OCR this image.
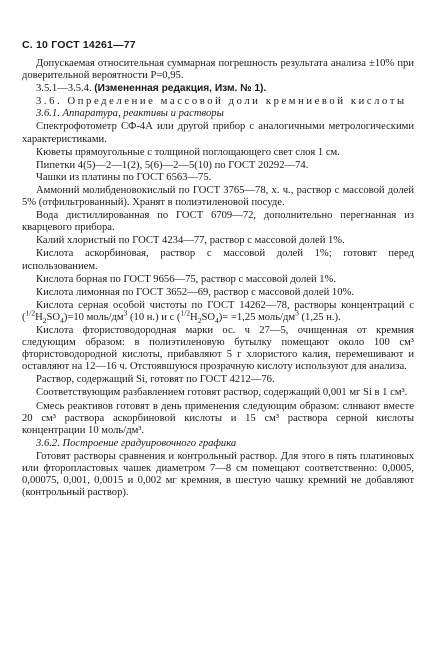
С. 10 ГОСТ 14261—77

Допускаемая относительная суммарная погрешность результата анализа ±10% при доверительной вероятности P=0,95.

3.5.1—3.5.4. (Измененная редакция, Изм. № 1).

3.6. Определение массовой доли кремниевой кислоты

3.6.1. Аппаратура, реактивы и растворы

Спектрофотометр СФ-4А или другой прибор с аналогичными метрологическими характеристиками.

Кюветы прямоугольные с толщиной поглощающего свет слоя 1 см.

Пипетки 4(5)—2—1(2), 5(6)—2—5(10) по ГОСТ 20292—74.

Чашки из платины по ГОСТ 6563—75.

Аммоний молибденовокислый по ГОСТ 3765—78, х. ч., раствор с массовой долей 5% (отфильтрованный). Хранят в полиэтиленовой посуде.

Вода дистиллированная по ГОСТ 6709—72, дополнительно перегнанная из кварцевого прибора.

Калий хлористый по ГОСТ 4234—77, раствор с массовой долей 1%.

Кислота аскорбиновая, раствор с массовой долей 1%; готовят перед использованием.

Кислота борная по ГОСТ 9656—75, раствор с массовой долей 1%.

Кислота лимонная по ГОСТ 3652—69, раствор с массовой долей 10%.

Кислота серная особой чистоты по ГОСТ 14262—78, растворы концентраций с $(^{1/2}H_2SO_4)=10$ моль/$дм^3$ (10 н.) и с $(^{1/2}H_2SO_4)= =1,25$ моль/$дм^3$ (1,25 н.).

Кислота фтористоводородная марки ос. ч 27—5, очищенная от кремния следующим образом: в полиэтиленовую бутылку помещают около 100 см³ фтористоводородной кислоты, прибавляют 5 г хлористого калия, перемешивают и оставляют на 12—16 ч. Отстоявшуюся прозрачную кислоту используют для анализа.

Раствор, содержащий Si, готовят по ГОСТ 4212—76.

Соответствующим разбавлением готовят раствор, содержащий 0,001 мг Si в 1 см³.

Смесь реактивов готовят в день применения следующим образом: слнвают вместе 20 см³ раствора аскорбиновой кислоты и 15 см³ раствора серной кислоты концентрации 10 моль/дм³.

3.6.2. Построение градуировочного графика

Готовят растворы сравнения и контрольный раствор. Для этого в пять платиновых или фторопластовых чашек диаметром 7—8 см помещают соответственно: 0,0005, 0,00075, 0,001, 0,0015 и 0,002 мг кремния, в шестую чашку кремний не добавляют (контрольный раствор).
